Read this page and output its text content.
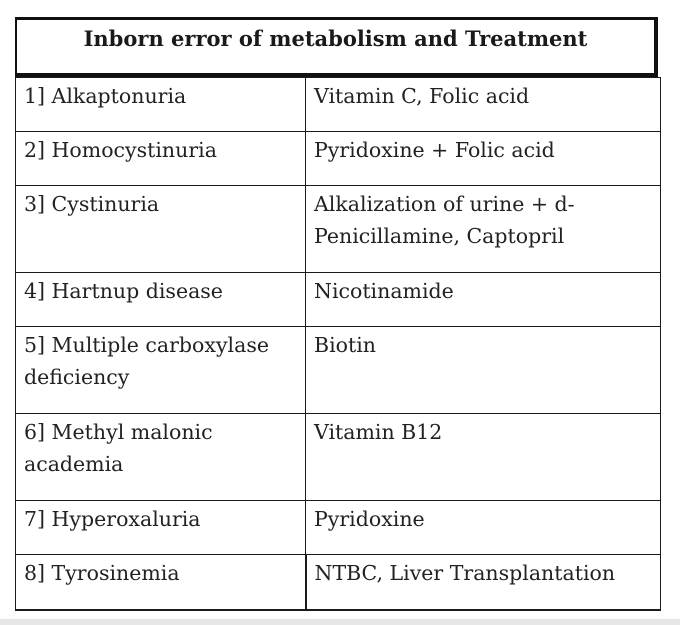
Inborn error of metabolism and Treatment
1] Alkaptonuria	Vitamin C, Folic acid
2] Homocystinuria	Pyridoxine + Folic acid
3] Cystinuria	Alkalization of urine + d-Penicillamine, Captopril
4] Hartnup disease	Nicotinamide
5] Multiple carboxylase deficiency	Biotin
6] Methyl malonic academia	Vitamin B12
7] Hyperoxaluria	Pyridoxine
8] Tyrosinemia	NTBC, Liver Transplantation
